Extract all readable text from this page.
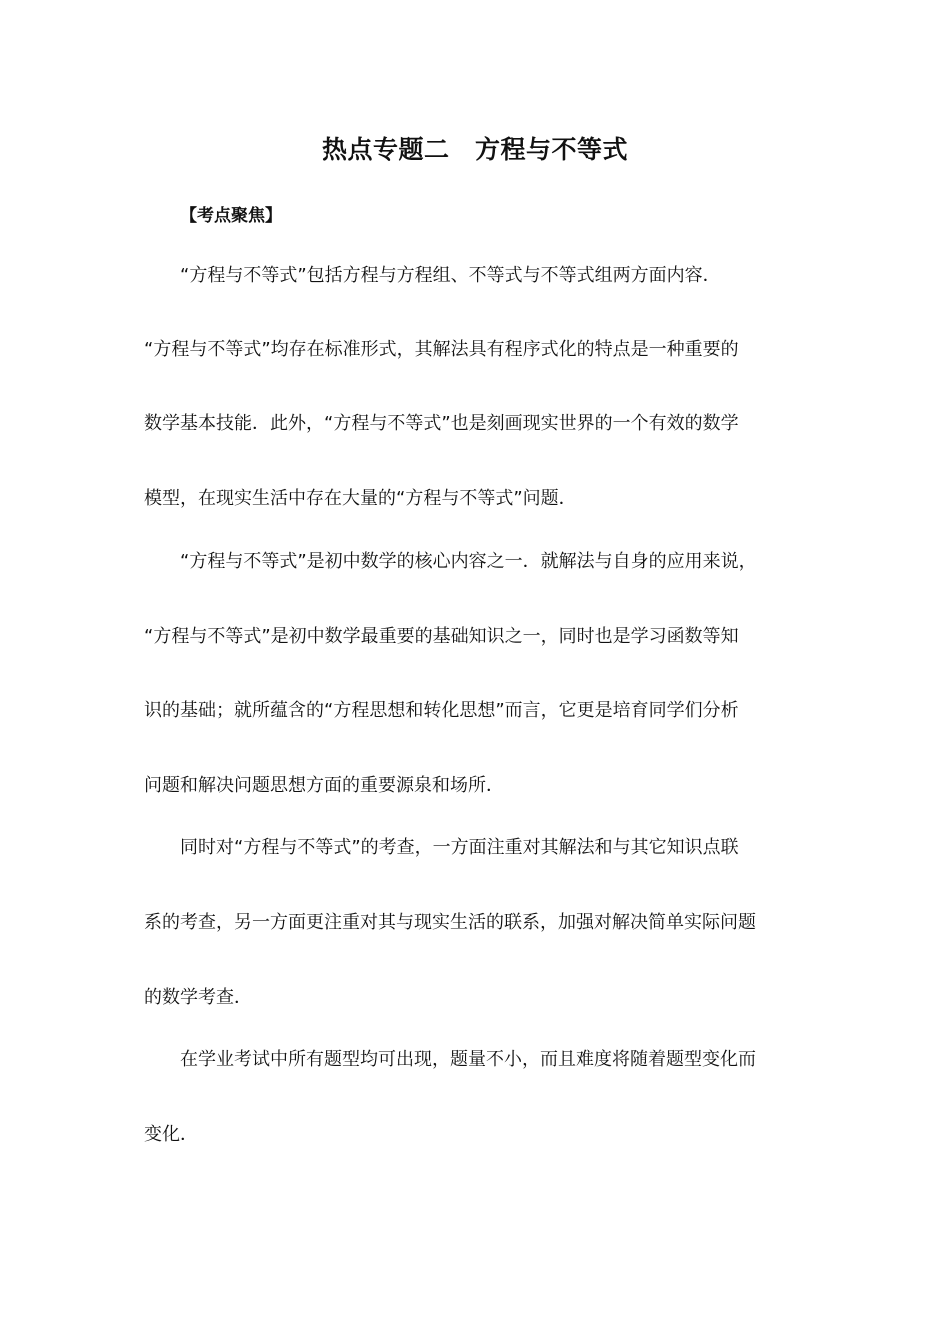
热点专题二　方程与不等式
【考点聚焦】
“方程与不等式”包括方程与方程组、不等式与不等式组两方面内容．
“方程与不等式”均存在标准形式，其解法具有程序式化的特点是一种重要的
数学基本技能．此外，“方程与不等式”也是刻画现实世界的一个有效的数学
模型，在现实生活中存在大量的“方程与不等式”问题．
“方程与不等式”是初中数学的核心内容之一．就解法与自身的应用来说，
“方程与不等式”是初中数学最重要的基础知识之一，同时也是学习函数等知
识的基础；就所蕴含的“方程思想和转化思想”而言，它更是培育同学们分析
问题和解决问题思想方面的重要源泉和场所．
同时对“方程与不等式”的考查，一方面注重对其解法和与其它知识点联
系的考查，另一方面更注重对其与现实生活的联系，加强对解决简单实际问题
的数学考查．
在学业考试中所有题型均可出现，题量不小，而且难度将随着题型变化而
变化．
